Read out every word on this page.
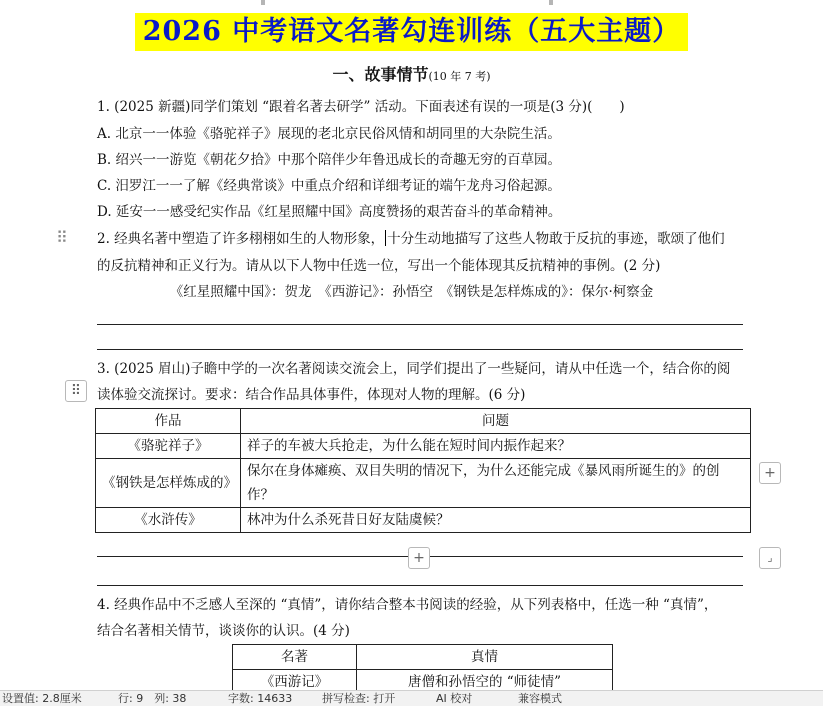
2026 中考语文名著勾连训练（五大主题）
一、故事情节(10 年 7 考)
1. (2025 新疆)同学们策划 “跟着名著去研学” 活动。下面表述有误的一项是(3 分)(　　)
A. 北京一一体验《骆驼祥子》展现的老北京民俗风情和胡同里的大杂院生活。
B. 绍兴一一游览《朝花夕拾》中那个陪伴少年鲁迅成长的奇趣无穷的百草园。
C. 汨罗江一一了解《经典常谈》中重点介绍和详细考证的端午龙舟习俗起源。
D. 延安一一感受纪实作品《红星照耀中国》高度赞扬的艰苦奋斗的革命精神。
⠿ 2. 经典名著中塑造了许多栩栩如生的人物形象， 十分生动地描写了这些人物敢于反抗的事迹，歌颂了他们
的反抗精神和正义行为。请从以下人物中任选一位，写出一个能体现其反抗精神的事例。(2 分)
《红星照耀中国》：贺龙　《西游记》：孙悟空　《钢铁是怎样炼成的》：保尔·柯察金
3. (2025 眉山)子瞻中学的一次名著阅读交流会上，同学们提出了一些疑问，请从中任选一个，结合你的阅
⠿	读体验交流探讨。要求：结合作品具体事件，体现对人物的理解。(6 分)
作品	问题
《骆驼祥子》	祥子的车被大兵抢走，为什么能在短时间内振作起来？
《钢铁是怎样炼成的》	保尔在身体瘫痪、双目失明的情况下，为什么还能完成《暴风雨所诞生的》的创作？
《水浒传》	林冲为什么杀死昔日好友陆虞候？
+
+	⌟
4. 经典作品中不乏感人至深的 “真情”，请你结合整本书阅读的经验，从下列表格中，任选一种 “真情”，
结合名著相关情节，谈谈你的认识。(4 分)
名著	真情
《西游记》	唐僧和孙悟空的 “师徒情”
设置值: 2.8厘米	行: 9　列: 38	字数: 14633	拼写检查: 打开	AI 校对	兼容模式
